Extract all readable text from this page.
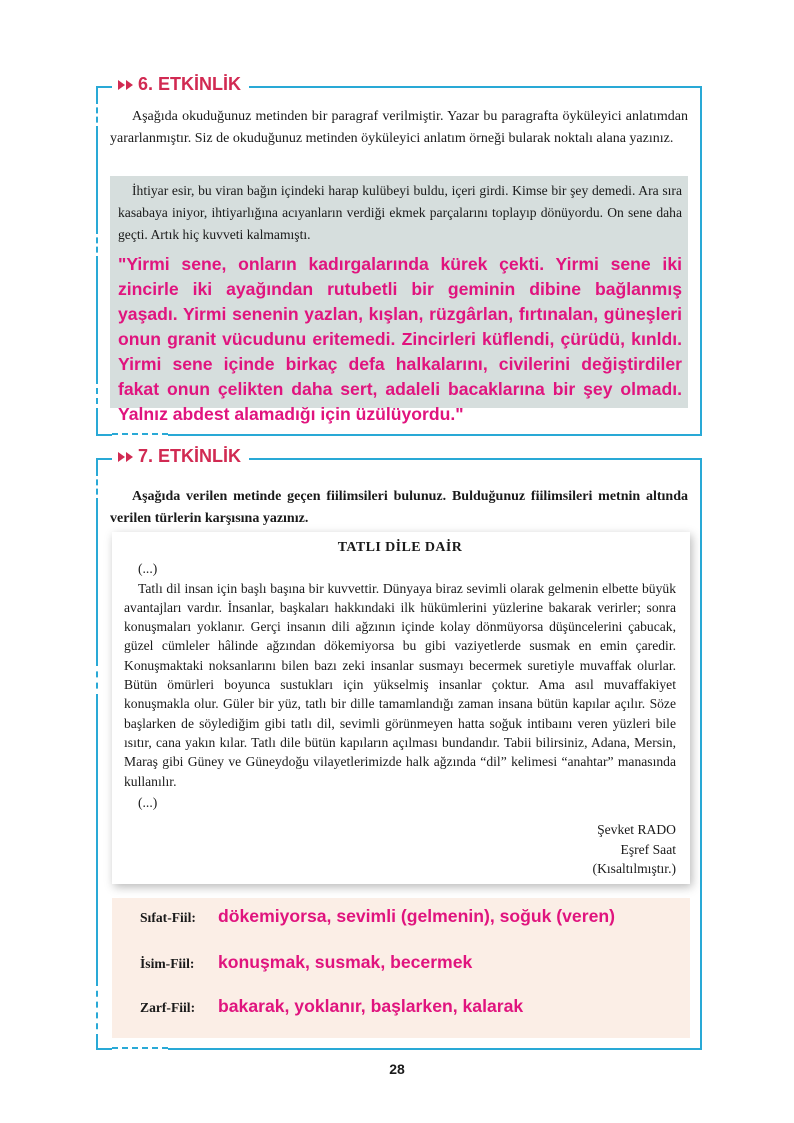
6. ETKİNLİK

Aşağıda okuduğunuz metinden bir paragraf verilmiştir. Yazar bu paragrafta öyküleyici anlatımdan yararlanmıştır. Siz de okuduğunuz metinden öyküleyici anlatım örneği bularak noktalı alana yazınız.

İhtiyar esir, bu viran bağın içindeki harap kulübeyi buldu, içeri girdi. Kimse bir şey demedi. Ara sıra kasabaya iniyor, ihtiyarlığına acıyanların verdiği ekmek parçalarını toplayıp dönüyordu. On sene daha geçti. Artık hiç kuvveti kalmamıştı.

"Yirmi sene, onların kadırgalarında kürek çekti. Yirmi sene iki zincirle iki ayağından rutubetli bir geminin dibine bağlanmış yaşadı. Yirmi senenin yazlan, kışlan, rüzgârlan, fırtınalan, güneşleri onun granit vücudunu eritemedi. Zincirleri küflendi, çürüdü, kınldı. Yirmi sene içinde birkaç defa halkalarını, civilerini değiştirdiler fakat onun çelikten daha sert, adaleli bacaklarına bir şey olmadı. Yalnız abdest alamadığı için üzülüyordu."

7. ETKİNLİK

Aşağıda verilen metinde geçen fiilimsileri bulunuz. Bulduğunuz fiilimsileri metnin altında verilen türlerin karşısına yazınız.

TATLI DİLE DAİR

(...)

Tatlı dil insan için başlı başına bir kuvvettir. Dünyaya biraz sevimli olarak gelmenin elbette büyük avantajları vardır. İnsanlar, başkaları hakkındaki ilk hükümlerini yüzlerine bakarak verirler; sonra konuşmaları yoklanır. Gerçi insanın dili ağzının içinde kolay dönmüyorsa düşüncelerini çabucak, güzel cümleler hâlinde ağzından dökemiyorsa bu gibi vaziyetlerde susmak en emin çaredir. Konuşmaktaki noksanlarını bilen bazı zeki insanlar susmayı becermek suretiyle muvaffak olurlar. Bütün ömürleri boyunca sustukları için yükselmiş insanlar çoktur. Ama asıl muvaffakiyet konuşmakla olur. Güler bir yüz, tatlı bir dille tamamlandığı zaman insana bütün kapılar açılır. Söze başlarken de söylediğim gibi tatlı dil, sevimli görünmeyen hatta soğuk intibaını veren yüzleri bile ısıtır, cana yakın kılar. Tatlı dile bütün kapıların açılması bundandır. Tabii bilirsiniz, Adana, Mersin, Maraş gibi Güney ve Güneydoğu vilayetlerimizde halk ağzında “dil” kelimesi “anahtar” manasında kullanılır.

(...)

Şevket RADO
Eşref Saat
(Kısaltılmıştır.)
Sıfat-Fiil:	dökemiyorsa, sevimli (gelmenin), soğuk (veren)
İsim-Fiil:	konuşmak, susmak, becermek
Zarf-Fiil:	bakarak, yoklanır, başlarken, kalarak
28
